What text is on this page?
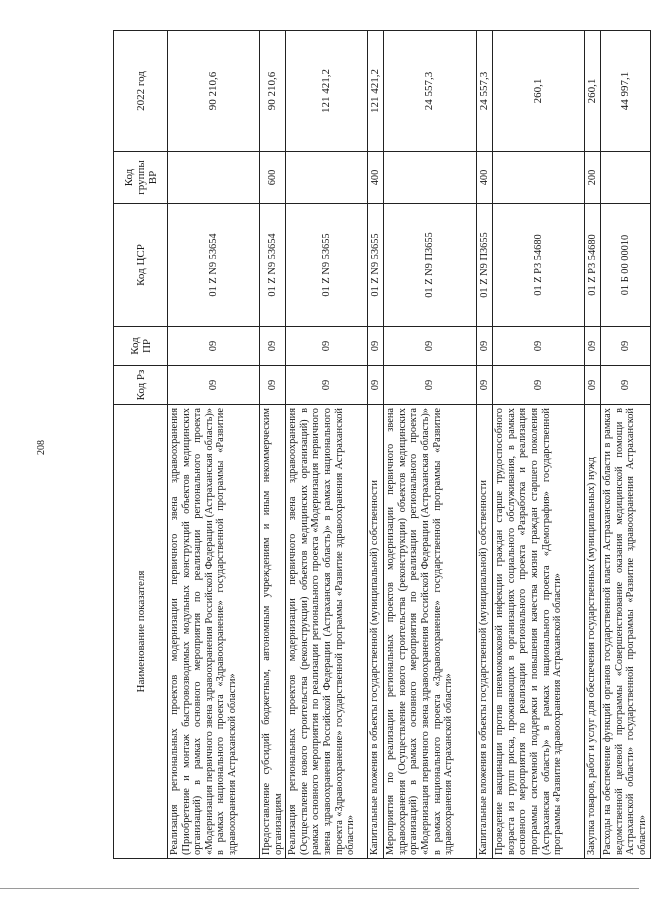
208
Наименование показателя	Код Рз	Код ПР	Код ЦСР	Код группы ВР	2022 год
Реализация региональных проектов модернизации первичного звена здравоохранения (Приобретение и монтаж быстровозводимых модульных конструкций объектов медицинских организаций) в рамках основного мероприятия по реализации регионального проекта «Модернизация первичного звена здравоохранения Российской Федерации (Астраханская область)» в рамках национального проекта «Здравоохранение» государственной программы «Развитие здравоохранения Астраханской области»	09	09	01 Z N9 53654		90 210,6
Предоставление субсидий бюджетным, автономным учреждениям и иным некоммерческим организациям	09	09	01 Z N9 53654	600	90 210,6
Реализация региональных проектов модернизации первичного звена здравоохранения (Осуществление нового строительства (реконструкции) объектов медицинских организаций) в рамках основного мероприятия по реализации регионального проекта «Модернизация первичного звена здравоохранения Российской Федерации (Астраханская область)» в рамках национального проекта «Здравоохранение» государственной программы «Развитие здравоохранения Астраханской области»	09	09	01 Z N9 53655		121 421,2
Капитальные вложения в объекты государственной (муниципальной) собственности	09	09	01 Z N9 53655	400	121 421,2
Мероприятия по реализации региональных проектов модернизации первичного звена здравоохранения (Осуществление нового строительства (реконструкции) объектов медицинских организаций) в рамках основного мероприятия по реализации регионального проекта «Модернизация первичного звена здравоохранения Российской Федерации (Астраханская область)» в рамках национального проекта «Здравоохранение» государственной программы «Развитие здравоохранения Астраханской области»	09	09	01 Z N9 П3655		24 557,3
Капитальные вложения в объекты государственной (муниципальной) собственности	09	09	01 Z N9 П3655	400	24 557,3
Проведение вакцинации против пневмококковой инфекции граждан старше трудоспособного возраста из групп риска, проживающих в организациях социального обслуживания, в рамках основного мероприятия по реализации регионального проекта «Разработка и реализация программы системной поддержки и повышения качества жизни граждан старшего поколения (Астраханская область)» в рамках национального проекта «Демография» государственной программы «Развитие здравоохранения Астраханской области»	09	09	01 Z P3 54680		260,1
Закупка товаров, работ и услуг для обеспечения государственных (муниципальных) нужд	09	09	01 Z P3 54680	200	260,1
Расходы на обеспечение функций органов государственной власти Астраханской области в рамках ведомственной целевой программы «Совершенствование оказания медицинской помощи в Астраханской области» государственной программы «Развитие здравоохранения Астраханской области»	09	09	01 Б 00 00010		44 997,1
